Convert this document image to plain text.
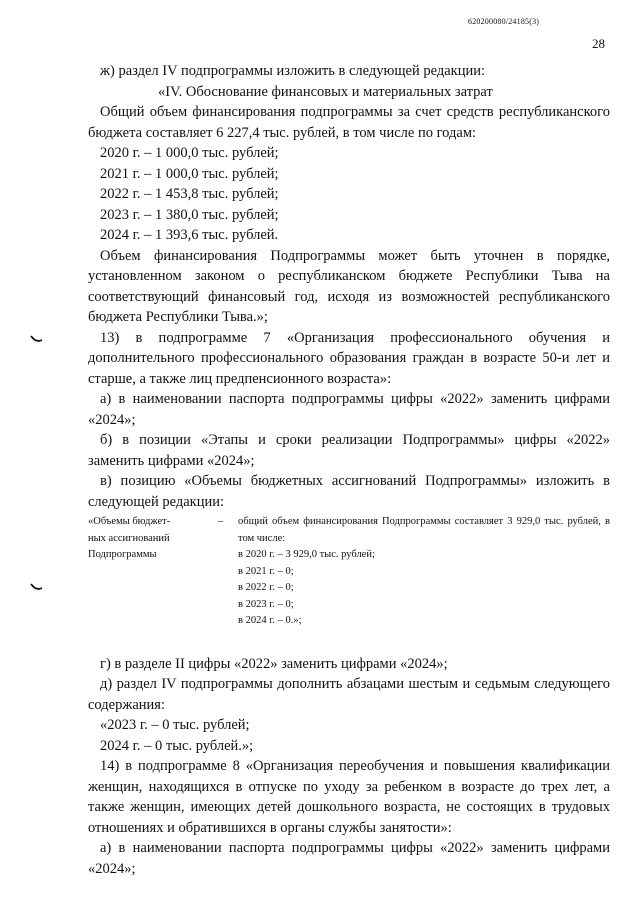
620200080/24185(3)
28

ж) раздел IV подпрограммы изложить в следующей редакции:

«IV. Обоснование финансовых и материальных затрат

Общий объем финансирования подпрограммы за счет средств республиканского бюджета составляет 6 227,4 тыс. рублей, в том числе по годам:

2020 г. – 1 000,0 тыс. рублей;

2021 г. – 1 000,0 тыс. рублей;

2022 г. – 1 453,8 тыс. рублей;

2023 г. – 1 380,0 тыс. рублей;

2024 г. – 1 393,6 тыс. рублей.

Объем финансирования Подпрограммы может быть уточнен в порядке, установленном законом о республиканском бюджете Республики Тыва на соответствующий финансовый год, исходя из возможностей республиканского бюджета Республики Тыва.»;

13) в подпрограмме 7 «Организация профессионального обучения и дополнительного профессионального образования граждан в возрасте 50-и лет и старше, а также лиц предпенсионного возраста»:

а) в наименовании паспорта подпрограммы цифры «2022» заменить цифрами «2024»;

б) в позиции «Этапы и сроки реализации Подпрограммы» цифры «2022» заменить цифрами «2024»;

в) позицию «Объемы бюджетных ассигнований Подпрограммы» изложить в следующей редакции:

«Объемы бюджет-
ных ассигнований
Подпрограммы
–	общий объем финансирования Подпрограммы составляет 3 929,0 тыс. рублей, в том числе:
в 2020 г. – 3 929,0 тыс. рублей;
в 2021 г. – 0;
в 2022 г. – 0;
в 2023 г. – 0;
в 2024 г. – 0.»;

г) в разделе II цифры «2022» заменить цифрами «2024»;

д) раздел IV подпрограммы дополнить абзацами шестым и седьмым следующего содержания:

«2023 г. – 0 тыс. рублей;

2024 г. – 0 тыс. рублей.»;

14) в подпрограмме 8 «Организация переобучения и повышения квалификации женщин, находящихся в отпуске по уходу за ребенком в возрасте до трех лет, а также женщин, имеющих детей дошкольного возраста, не состоящих в трудовых отношениях и обратившихся в органы службы занятости»:

а) в наименовании паспорта подпрограммы цифры «2022» заменить цифрами «2024»;
